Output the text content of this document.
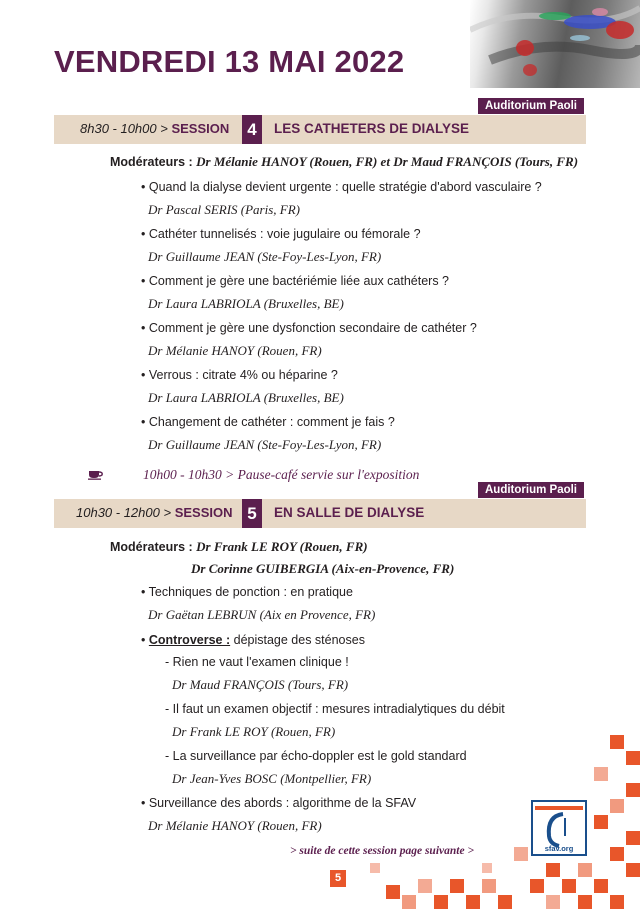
VENDREDI 13 MAI 2022
Auditorium Paoli
8h30 - 10h00 > SESSION	4	LES CATHETERS DE DIALYSE
Modérateurs : Dr Mélanie HANOY (Rouen, FR) et Dr Maud FRANÇOIS (Tours, FR)
• Quand la dialyse devient urgente : quelle stratégie d'abord vasculaire ?
Dr Pascal SERIS (Paris, FR)
• Cathéter tunnelisés : voie jugulaire ou fémorale ?
Dr Guillaume JEAN (Ste-Foy-Les-Lyon, FR)
• Comment je gère une bactériémie liée aux cathéters ?
Dr Laura LABRIOLA (Bruxelles, BE)
• Comment je gère une dysfonction secondaire de cathéter ?
Dr Mélanie HANOY (Rouen, FR)
• Verrous : citrate 4% ou héparine ?
Dr Laura LABRIOLA (Bruxelles, BE)
• Changement de cathéter : comment je fais ?
Dr Guillaume JEAN (Ste-Foy-Les-Lyon, FR)
10h00 - 10h30 > Pause-café servie sur l'exposition
Auditorium Paoli
10h30 - 12h00 > SESSION 5	EN SALLE DE DIALYSE
Modérateurs : Dr Frank LE ROY (Rouen, FR)
Dr Corinne GUIBERGIA (Aix-en-Provence, FR)
• Techniques de ponction : en pratique
Dr Gaëtan LEBRUN (Aix en Provence, FR)
• Controverse : dépistage des sténoses
- Rien ne vaut l'examen clinique !
Dr Maud FRANÇOIS (Tours, FR)
- Il faut un examen objectif : mesures intradialytiques du débit
Dr Frank LE ROY (Rouen, FR)
- La surveillance par écho-doppler est le gold standard
Dr Jean-Yves BOSC (Montpellier, FR)
• Surveillance des abords : algorithme de la SFAV
Dr Mélanie HANOY (Rouen, FR)
sfav.org
> suite de cette session page suivante >
5
